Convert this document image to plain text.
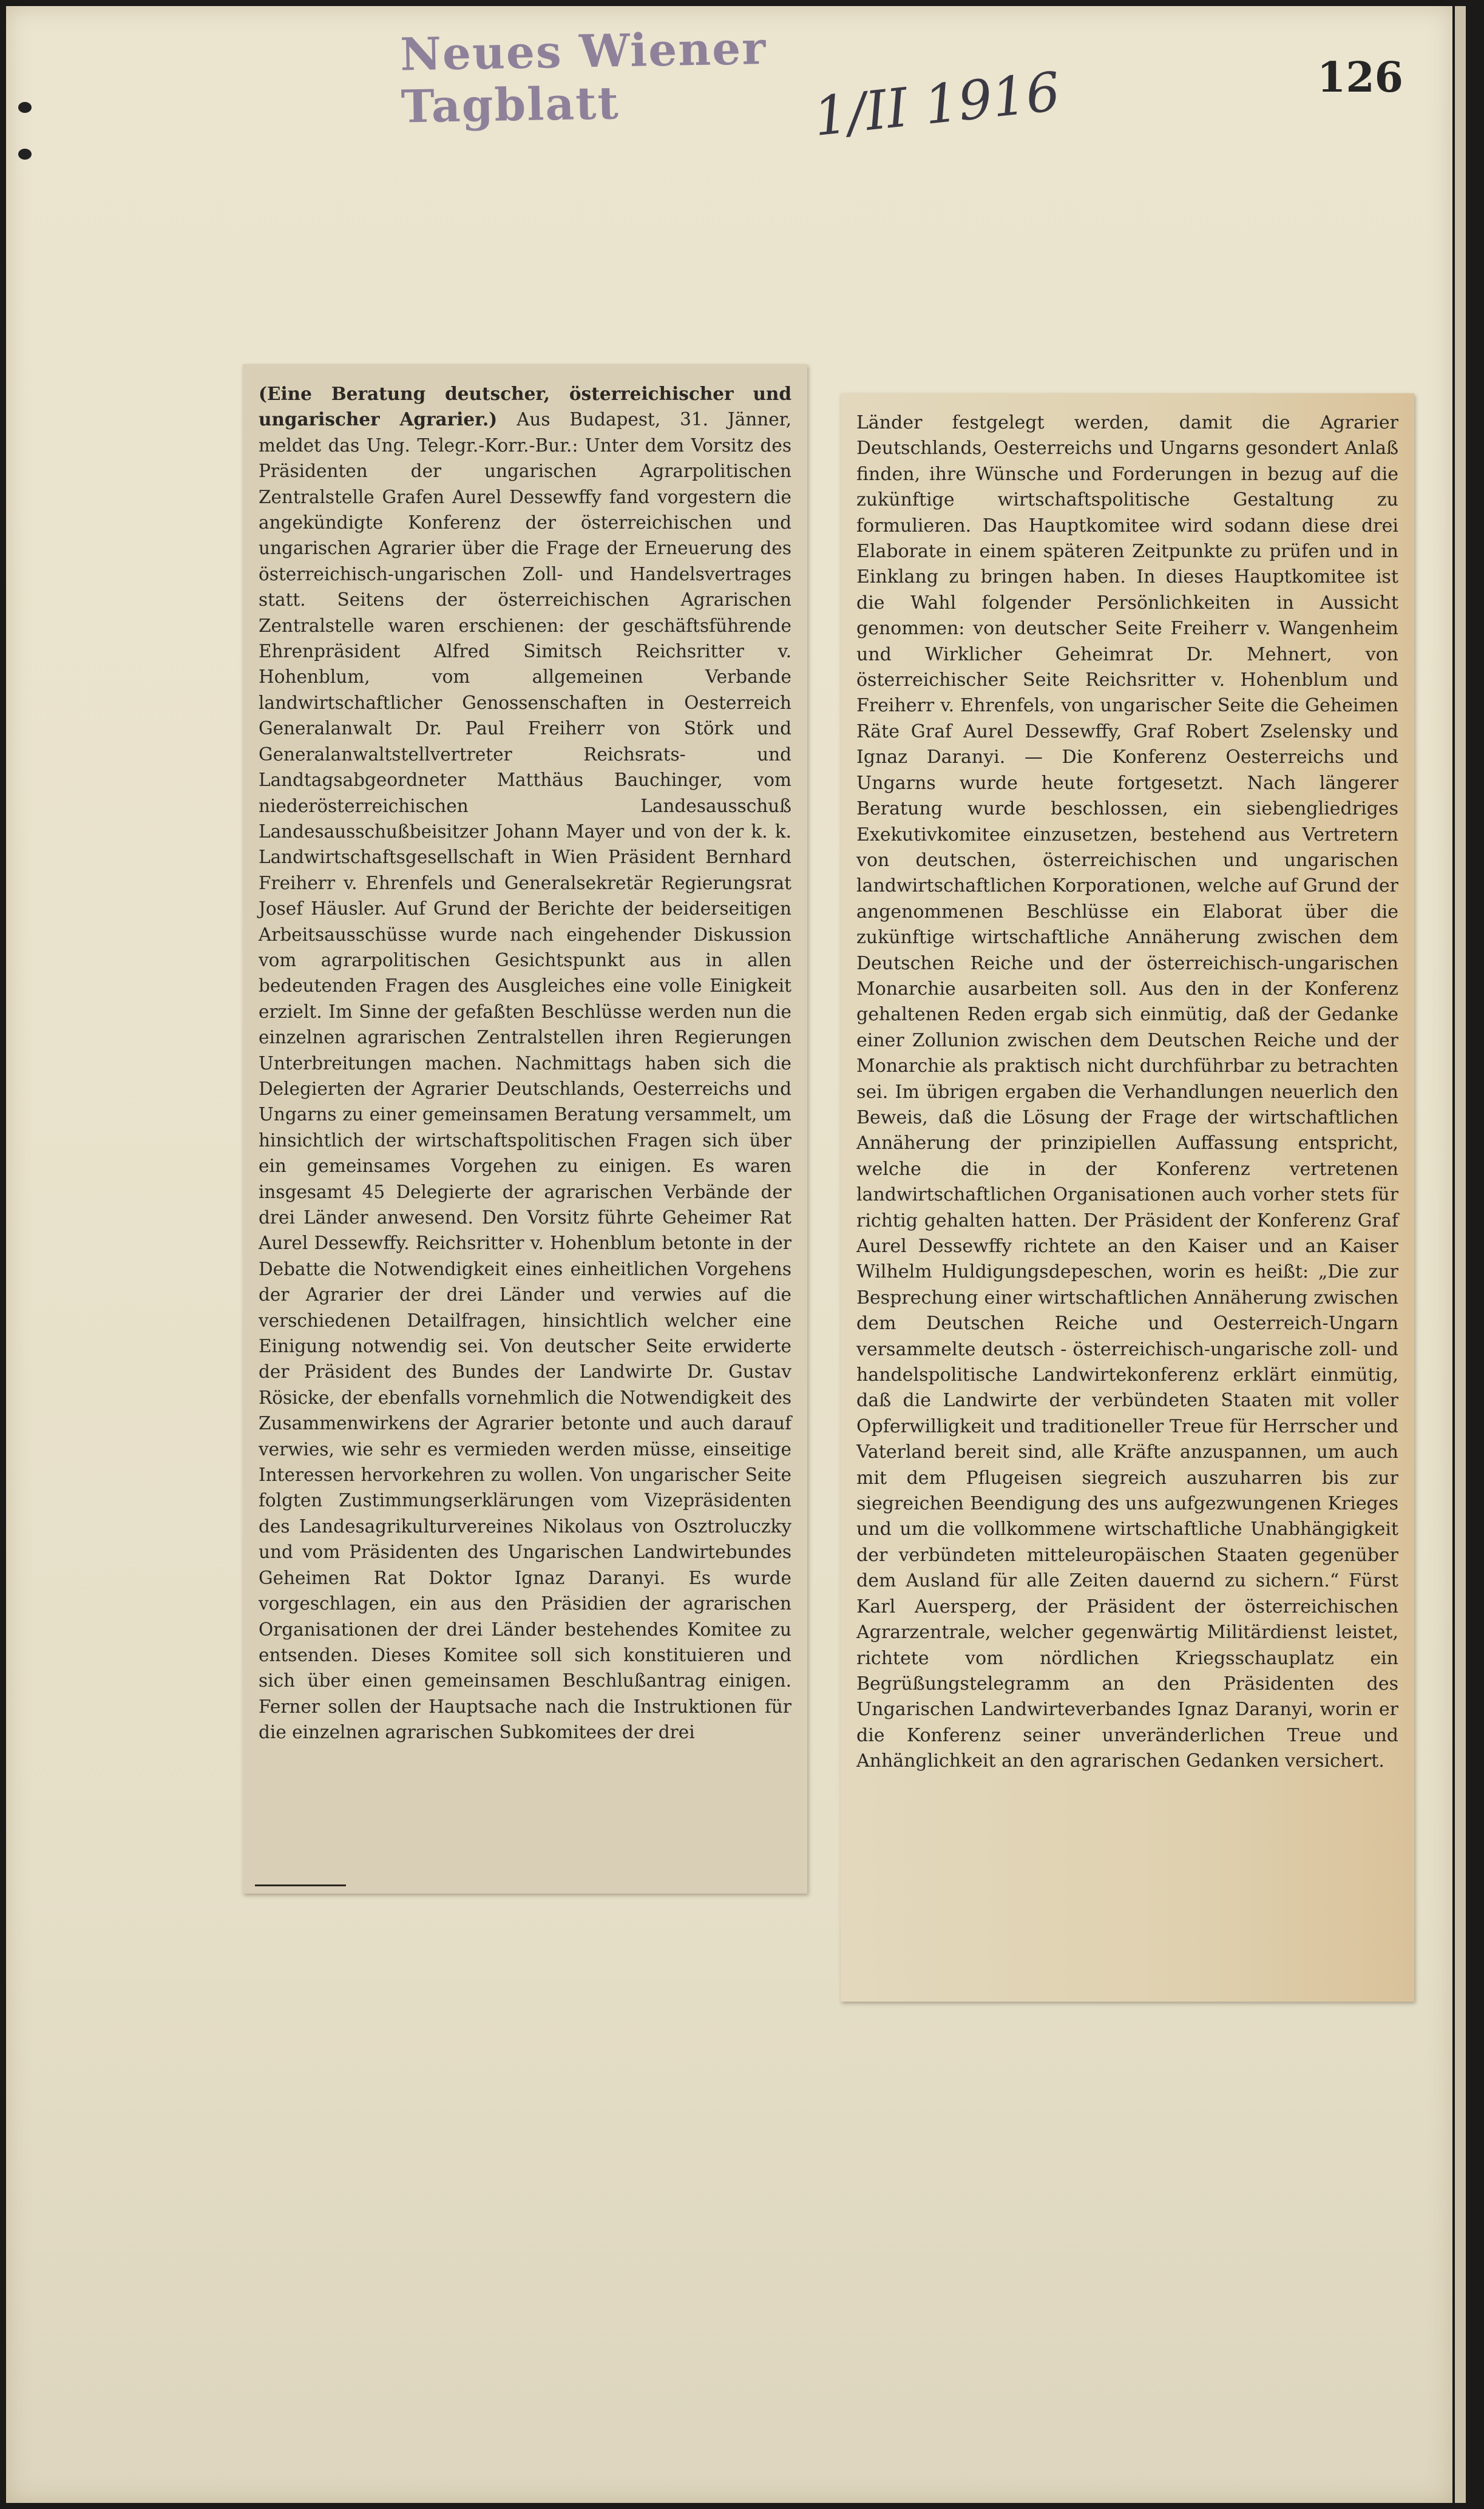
Neues Wiener Tagblatt	1/II 1916	126
(Eine Beratung deutscher, österreichischer und ungarischer Agrarier.) Aus Budapest, 31. Jänner, meldet das Ung. Telegr.-Korr.-Bur.: Unter dem Vorsitz des Präsidenten der ungarischen Agrarpolitischen Zentralstelle Grafen Aurel Dessewffy fand vorgestern die angekündigte Konferenz der österreichischen und ungarischen Agrarier über die Frage der Erneuerung des österreichisch-ungarischen Zoll- und Handelsvertrages statt. Seitens der österreichischen Agrarischen Zentralstelle waren erschienen: der geschäftsführende Ehrenpräsident Alfred Simitsch Reichsritter v. Hohenblum, vom allgemeinen Verbande landwirtschaftlicher Genossenschaften in Oesterreich Generalanwalt Dr. Paul Freiherr von Störk und Generalanwaltstellvertreter Reichsrats- und Landtagsabgeordneter Matthäus Bauchinger, vom niederösterreichischen Landesausschuß Landesausschußbeisitzer Johann Mayer und von der k. k. Landwirtschaftsgesellschaft in Wien Präsident Bernhard Freiherr v. Ehrenfels und Generalsekretär Regierungsrat Josef Häusler. Auf Grund der Berichte der beiderseitigen Arbeitsausschüsse wurde nach eingehender Diskussion vom agrarpolitischen Gesichtspunkt aus in allen bedeutenden Fragen des Ausgleiches eine volle Einigkeit erzielt. Im Sinne der gefaßten Beschlüsse werden nun die einzelnen agrarischen Zentralstellen ihren Regierungen Unterbreitungen machen. Nachmittags haben sich die Delegierten der Agrarier Deutschlands, Oesterreichs und Ungarns zu einer gemeinsamen Beratung versammelt, um hinsichtlich der wirtschaftspolitischen Fragen sich über ein gemeinsames Vorgehen zu einigen. Es waren insgesamt 45 Delegierte der agrarischen Verbände der drei Länder anwesend. Den Vorsitz führte Geheimer Rat Aurel Dessewffy. Reichsritter v. Hohenblum betonte in der Debatte die Notwendigkeit eines einheitlichen Vorgehens der Agrarier der drei Länder und verwies auf die verschiedenen Detailfragen, hinsichtlich welcher eine Einigung notwendig sei. Von deutscher Seite erwiderte der Präsident des Bundes der Landwirte Dr. Gustav Rösicke, der ebenfalls vornehmlich die Notwendigkeit des Zusammenwirkens der Agrarier betonte und auch darauf verwies, wie sehr es vermieden werden müsse, einseitige Interessen hervorkehren zu wollen. Von ungarischer Seite folgten Zustimmungserklärungen vom Vizepräsidenten des Landesagrikulturvereines Nikolaus von Osztroluczky und vom Präsidenten des Ungarischen Landwirtebundes Geheimen Rat Doktor Ignaz Daranyi. Es wurde vorgeschlagen, ein aus den Präsidien der agrarischen Organisationen der drei Länder bestehendes Komitee zu entsenden. Dieses Komitee soll sich konstituieren und sich über einen gemeinsamen Beschlußantrag einigen. Ferner sollen der Hauptsache nach die Instruktionen für die einzelnen agrarischen Subkomitees der drei
Länder festgelegt werden, damit die Agrarier Deutschlands, Oesterreichs und Ungarns gesondert Anlaß finden, ihre Wünsche und Forderungen in bezug auf die zukünftige wirtschaftspolitische Gestaltung zu formulieren. Das Hauptkomitee wird sodann diese drei Elaborate in einem späteren Zeitpunkte zu prüfen und in Einklang zu bringen haben. In dieses Hauptkomitee ist die Wahl folgender Persönlichkeiten in Aussicht genommen: von deutscher Seite Freiherr v. Wangenheim und Wirklicher Geheimrat Dr. Mehnert, von österreichischer Seite Reichsritter v. Hohenblum und Freiherr v. Ehrenfels, von ungarischer Seite die Geheimen Räte Graf Aurel Dessewffy, Graf Robert Zselensky und Ignaz Daranyi. — Die Konferenz Oesterreichs und Ungarns wurde heute fortgesetzt. Nach längerer Beratung wurde beschlossen, ein siebengliedriges Exekutivkomitee einzusetzen, bestehend aus Vertretern von deutschen, österreichischen und ungarischen landwirtschaftlichen Korporationen, welche auf Grund der angenommenen Beschlüsse ein Elaborat über die zukünftige wirtschaftliche Annäherung zwischen dem Deutschen Reiche und der österreichisch-ungarischen Monarchie ausarbeiten soll. Aus den in der Konferenz gehaltenen Reden ergab sich einmütig, daß der Gedanke einer Zollunion zwischen dem Deutschen Reiche und der Monarchie als praktisch nicht durchführbar zu betrachten sei. Im übrigen ergaben die Verhandlungen neuerlich den Beweis, daß die Lösung der Frage der wirtschaftlichen Annäherung der prinzipiellen Auffassung entspricht, welche die in der Konferenz vertretenen landwirtschaftlichen Organisationen auch vorher stets für richtig gehalten hatten. Der Präsident der Konferenz Graf Aurel Dessewffy richtete an den Kaiser und an Kaiser Wilhelm Huldigungsdepeschen, worin es heißt: „Die zur Besprechung einer wirtschaftlichen Annäherung zwischen dem Deutschen Reiche und Oesterreich-Ungarn versammelte deutsch - österreichisch-ungarische zoll- und handelspolitische Landwirtekonferenz erklärt einmütig, daß die Landwirte der verbündeten Staaten mit voller Opferwilligkeit und traditioneller Treue für Herrscher und Vaterland bereit sind, alle Kräfte anzuspannen, um auch mit dem Pflugeisen siegreich auszuharren bis zur siegreichen Beendigung des uns aufgezwungenen Krieges und um die vollkommene wirtschaftliche Unabhängigkeit der verbündeten mitteleuropäischen Staaten gegenüber dem Ausland für alle Zeiten dauernd zu sichern.“ Fürst Karl Auersperg, der Präsident der österreichischen Agrarzentrale, welcher gegenwärtig Militärdienst leistet, richtete vom nördlichen Kriegsschauplatz ein Begrüßungstelegramm an den Präsidenten des Ungarischen Landwirteverbandes Ignaz Daranyi, worin er die Konferenz seiner unveränderlichen Treue und Anhänglichkeit an den agrarischen Gedanken versichert.
